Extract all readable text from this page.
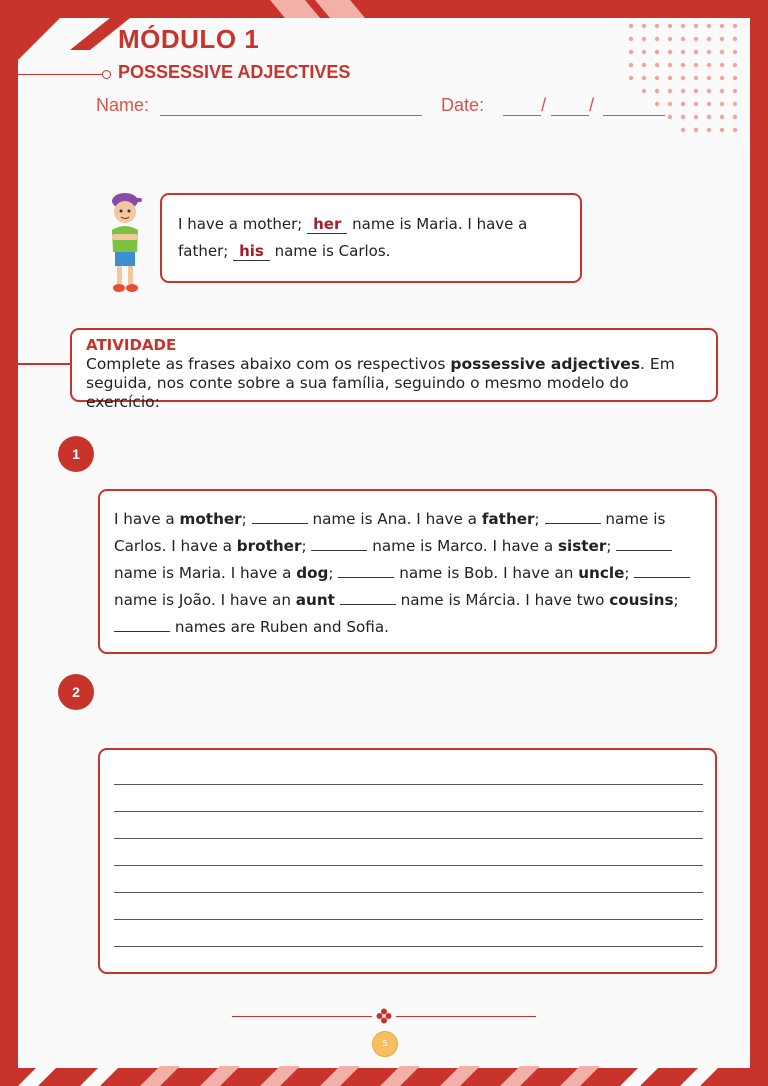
MÓDULO 1
POSSESSIVE ADJECTIVES
Name:	Date:	/ /
I have a mother; her name is Maria. I have a father; his name is Carlos.
ATIVIDADE
Complete as frases abaixo com os respectivos possessive adjectives. Em seguida, nos conte sobre a sua família, seguindo o mesmo modelo do exercício:
1
I have a mother;	name is Ana. I have a father;	name is Carlos. I have a brother;	name is Marco. I have a sister;  name is Maria. I have a dog;	name is Bob. I have an uncle;  name is João. I have an aunt	name is Márcia. I have two cousins;  names are Ruben and Sofia.
2
5
